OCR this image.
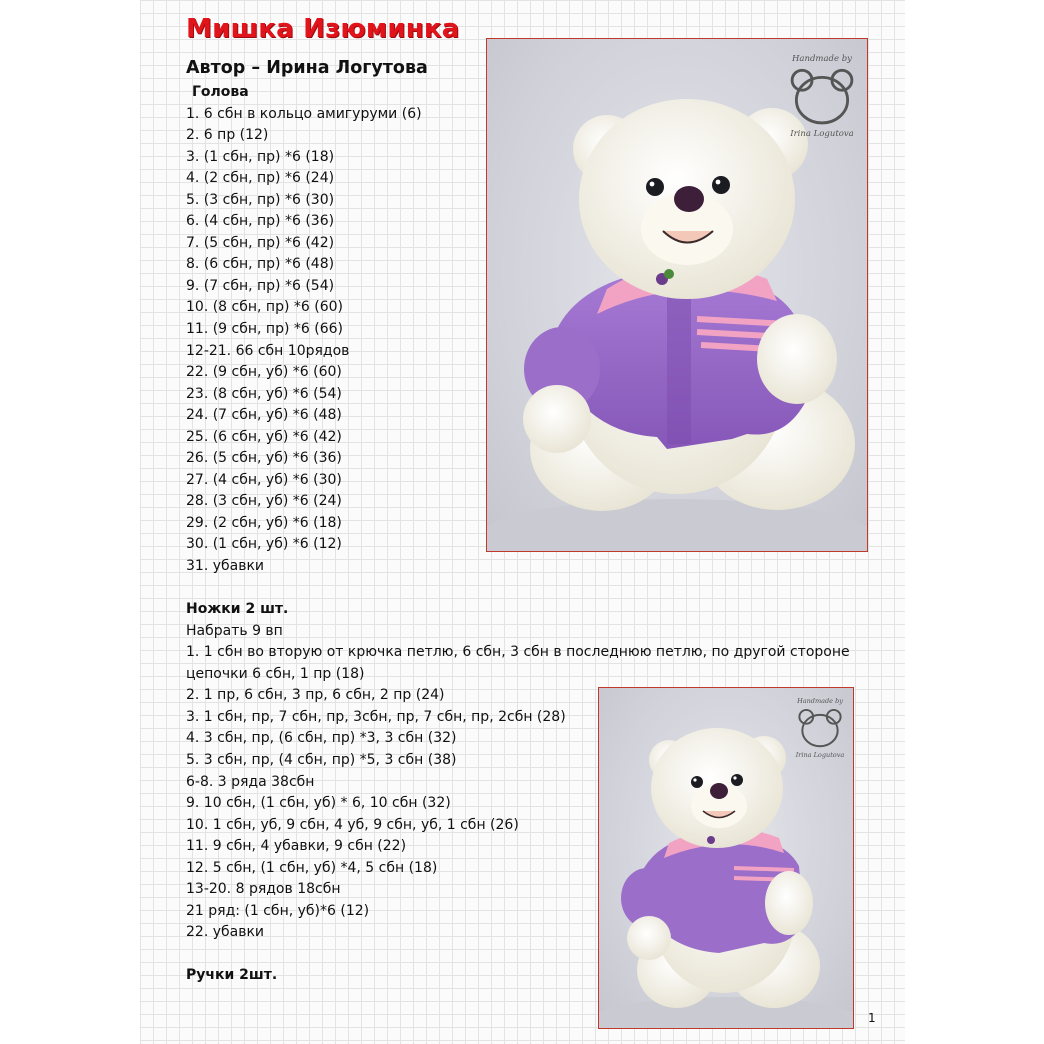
Мишка Изюминка
Автор – Ирина Логутова
Голова
1. 6 сбн в кольцо амигуруми (6)
2. 6 пр (12)
3. (1 сбн, пр) *6 (18)
4. (2 сбн, пр) *6 (24)
5. (3 сбн, пр) *6 (30)
6. (4 сбн, пр) *6 (36)
7. (5 сбн, пр) *6 (42)
8. (6 сбн, пр) *6 (48)
9. (7 сбн, пр) *6 (54)
10. (8 сбн, пр) *6 (60)
11. (9 сбн, пр) *6 (66)
12-21. 66 сбн 10рядов
22. (9 сбн, уб) *6 (60)
23. (8 сбн, уб) *6 (54)
24. (7 сбн, уб) *6 (48)
25. (6 сбн, уб) *6 (42)
26. (5 сбн, уб) *6 (36)
27. (4 сбн, уб) *6 (30)
28. (3 сбн, уб) *6 (24)
29. (2 сбн, уб) *6 (18)
30. (1 сбн, уб) *6 (12)
31. убавки
Ножки 2 шт.
Набрать 9 вп
1. 1 сбн во вторую от крючка петлю, 6 сбн, 3 сбн в последнюю петлю, по другой стороне
цепочки 6 сбн, 1 пр (18)
2. 1 пр, 6 сбн, 3 пр, 6 сбн, 2 пр (24)
3. 1 сбн, пр, 7 сбн, пр, 3сбн, пр, 7 сбн, пр, 2сбн (28)
4. 3 сбн, пр, (6 сбн, пр) *3, 3 сбн (32)
5. 3 сбн, пр, (4 сбн, пр) *5, 3 сбн (38)
6-8. 3 ряда 38сбн
9. 10 сбн, (1 сбн, уб) * 6, 10 сбн (32)
10. 1 сбн, уб, 9 сбн, 4 уб, 9 сбн, уб, 1 сбн (26)
11. 9 сбн, 4 убавки, 9 сбн (22)
12. 5 сбн, (1 сбн, уб) *4, 5 сбн (18)
13-20. 8 рядов 18сбн
21 ряд: (1 сбн, уб)*6 (12)
22. убавки
Ручки 2шт.
Handmade by
Irina Logutova
Handmade by
Irina Logutova
1
